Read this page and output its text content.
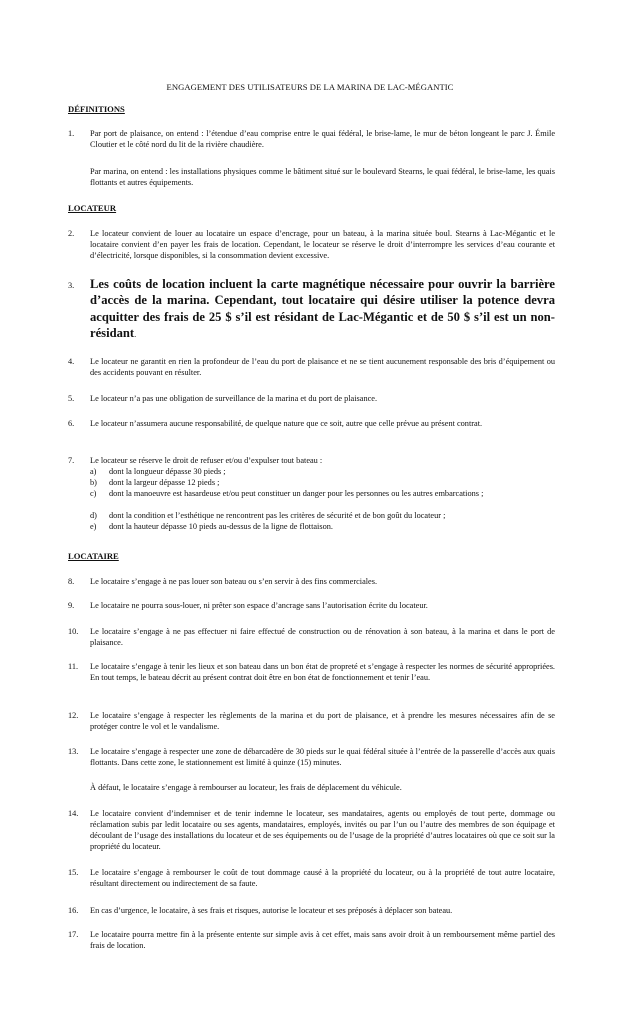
ENGAGEMENT DES UTILISATEURS DE LA MARINA DE LAC-MÉGANTIC
DÉFINITIONS
1. Par port de plaisance, on entend : l’étendue d’eau comprise entre le quai fédéral, le brise-lame, le mur de béton longeant le parc J. Émile Cloutier et le côté nord du lit de la rivière chaudière.
Par marina, on entend : les installations physiques comme le bâtiment situé sur le boulevard Stearns, le quai fédéral, le brise-lame, les quais flottants et autres équipements.
LOCATEUR
2. Le locateur convient de louer au locataire un espace d’encrage, pour un bateau, à la marina située boul. Stearns à Lac-Mégantic et le locataire convient d’en payer les frais de location. Cependant, le locateur se réserve le droit d’interrompre les services d’eau courante et d’électricité, lorsque disponibles, si la consommation devient excessive.
3. Les coûts de location incluent la carte magnétique nécessaire pour ouvrir la barrière d’accès de la marina. Cependant, tout locataire qui désire utiliser la potence devra acquitter des frais de 25 $ s’il est résidant de Lac-Mégantic et de 50 $ s’il est un non-résidant.
4. Le locateur ne garantit en rien la profondeur de l’eau du port de plaisance et ne se tient aucunement responsable des bris d’équipement ou des accidents pouvant en résulter.
5. Le locateur n’a pas une obligation de surveillance de la marina et du port de plaisance.
6. Le locateur n’assumera aucune responsabilité, de quelque nature que ce soit, autre que celle prévue au présent contrat.
7. Le locateur se réserve le droit de refuser et/ou d’expulser tout bateau :
a) dont la longueur dépasse 30 pieds ;
b) dont la largeur dépasse 12 pieds ;
c) dont la manoeuvre est hasardeuse et/ou peut constituer un danger pour les personnes ou les autres embarcations ;
d) dont la condition et l’esthétique ne rencontrent pas les critères de sécurité et de bon goût du locateur ;
e) dont la hauteur dépasse 10 pieds au-dessus de la ligne de flottaison.
LOCATAIRE
8. Le locataire s’engage à ne pas louer son bateau ou s’en servir à des fins commerciales.
9. Le locataire ne pourra sous-louer, ni prêter son espace d’ancrage sans l’autorisation écrite du locateur.
10. Le locataire s’engage à ne pas effectuer ni faire effectué de construction ou de rénovation à son bateau, à la marina et dans le port de plaisance.
11. Le locataire s’engage à tenir les lieux et son bateau dans un bon état de propreté et s’engage à respecter les normes de sécurité appropriées. En tout temps, le bateau décrit au présent contrat doit être en bon état de fonctionnement et tenir l’eau.
12. Le locataire s’engage à respecter les règlements de la marina et du port de plaisance, et à prendre les mesures nécessaires afin de se protéger contre le vol et le vandalisme.
13. Le locataire s’engage à respecter une zone de débarcadère de 30 pieds sur le quai fédéral située à l’entrée de la passerelle d’accès aux quais flottants. Dans cette zone, le stationnement est limité à quinze (15) minutes.
À défaut, le locataire s’engage à rembourser au locateur, les frais de déplacement du véhicule.
14. Le locataire convient d’indemniser et de tenir indemne le locateur, ses mandataires, agents ou employés de tout perte, dommage ou réclamation subis par ledit locataire ou ses agents, mandataires, employés, invités ou par l’un ou l’autre des membres de son équipage et découlant de l’usage des installations du locateur et de ses équipements ou de l’usage de la propriété d’autres locataires où que ce soit sur la propriété du locateur.
15. Le locataire s’engage à rembourser le coût de tout dommage causé à la propriété du locateur, ou à la propriété de tout autre locataire, résultant directement ou indirectement de sa faute.
16. En cas d’urgence, le locataire, à ses frais et risques, autorise le locateur et ses préposés à déplacer son bateau.
17. Le locataire pourra mettre fin à la présente entente sur simple avis à cet effet, mais sans avoir droit à un remboursement même partiel des frais de location.
